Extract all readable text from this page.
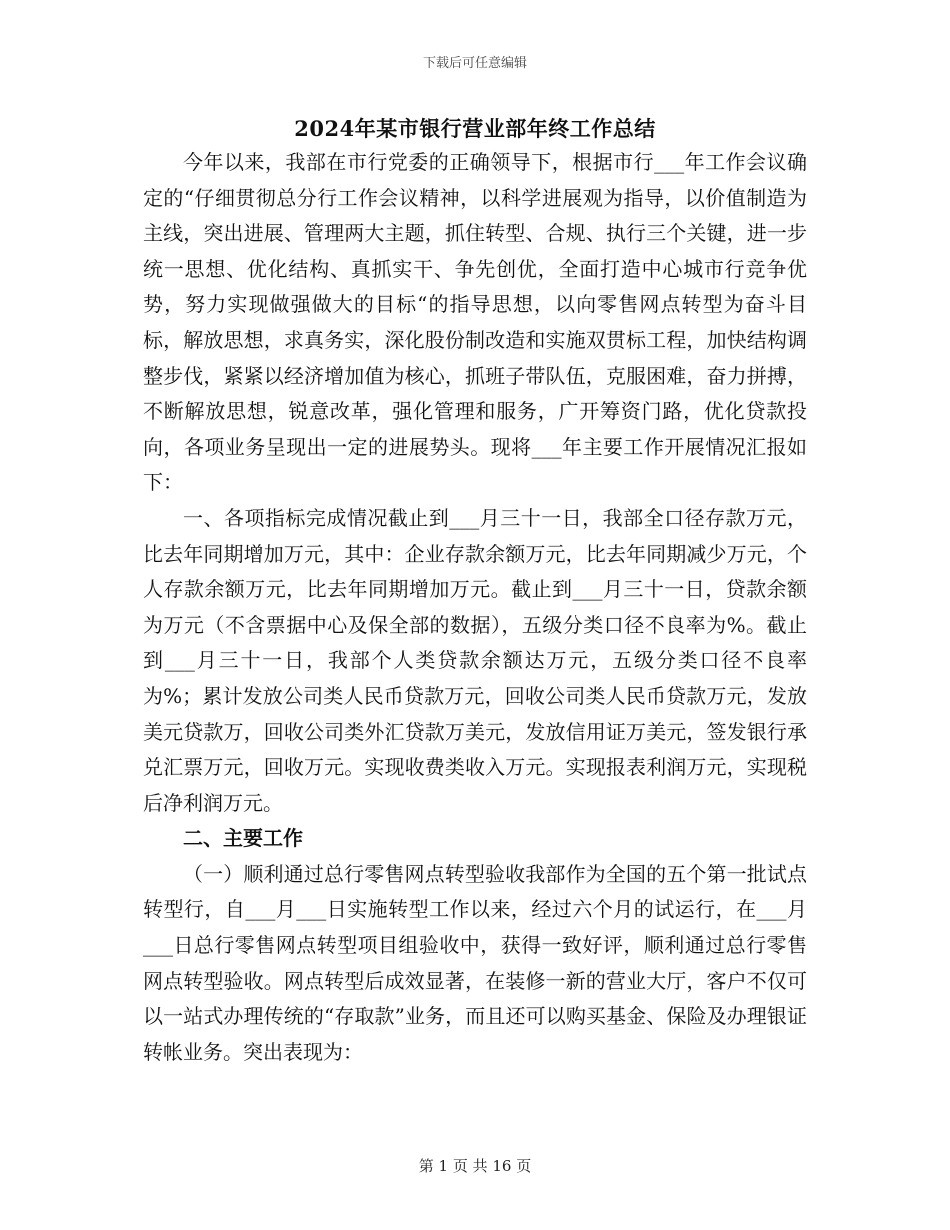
下载后可任意编辑
2024年某市银行营业部年终工作总结

今年以来，我部在市行党委的正确领导下，根据市行___年工作会议确定的“仔细贯彻总分行工作会议精神，以科学进展观为指导，以价值制造为主线，突出进展、管理两大主题，抓住转型、合规、执行三个关键，进一步统一思想、优化结构、真抓实干、争先创优，全面打造中心城市行竞争优势，努力实现做强做大的目标“的指导思想，以向零售网点转型为奋斗目标，解放思想，求真务实，深化股份制改造和实施双贯标工程，加快结构调整步伐，紧紧以经济增加值为核心，抓班子带队伍，克服困难，奋力拼搏，不断解放思想，锐意改革，强化管理和服务，广开筹资门路，优化贷款投向，各项业务呈现出一定的进展势头。现将___年主要工作开展情况汇报如下：

一、各项指标完成情况截止到___月三十一日，我部全口径存款万元，比去年同期增加万元，其中：企业存款余额万元，比去年同期减少万元，个人存款余额万元，比去年同期增加万元。截止到___月三十一日，贷款余额为万元（不含票据中心及保全部的数据），五级分类口径不良率为%。截止到___月三十一日，我部个人类贷款余额达万元，五级分类口径不良率为%；累计发放公司类人民币贷款万元，回收公司类人民币贷款万元，发放美元贷款万，回收公司类外汇贷款万美元，发放信用证万美元，签发银行承兑汇票万元，回收万元。实现收费类收入万元。实现报表利润万元，实现税后净利润万元。

二、主要工作

（一）顺利通过总行零售网点转型验收我部作为全国的五个第一批试点转型行，自___月___日实施转型工作以来，经过六个月的试运行，在___月___日总行零售网点转型项目组验收中，获得一致好评，顺利通过总行零售网点转型验收。网点转型后成效显著，在装修一新的营业大厅，客户不仅可以一站式办理传统的“存取款”业务，而且还可以购买基金、保险及办理银证转帐业务。突出表现为：

第 1 页 共 16 页
